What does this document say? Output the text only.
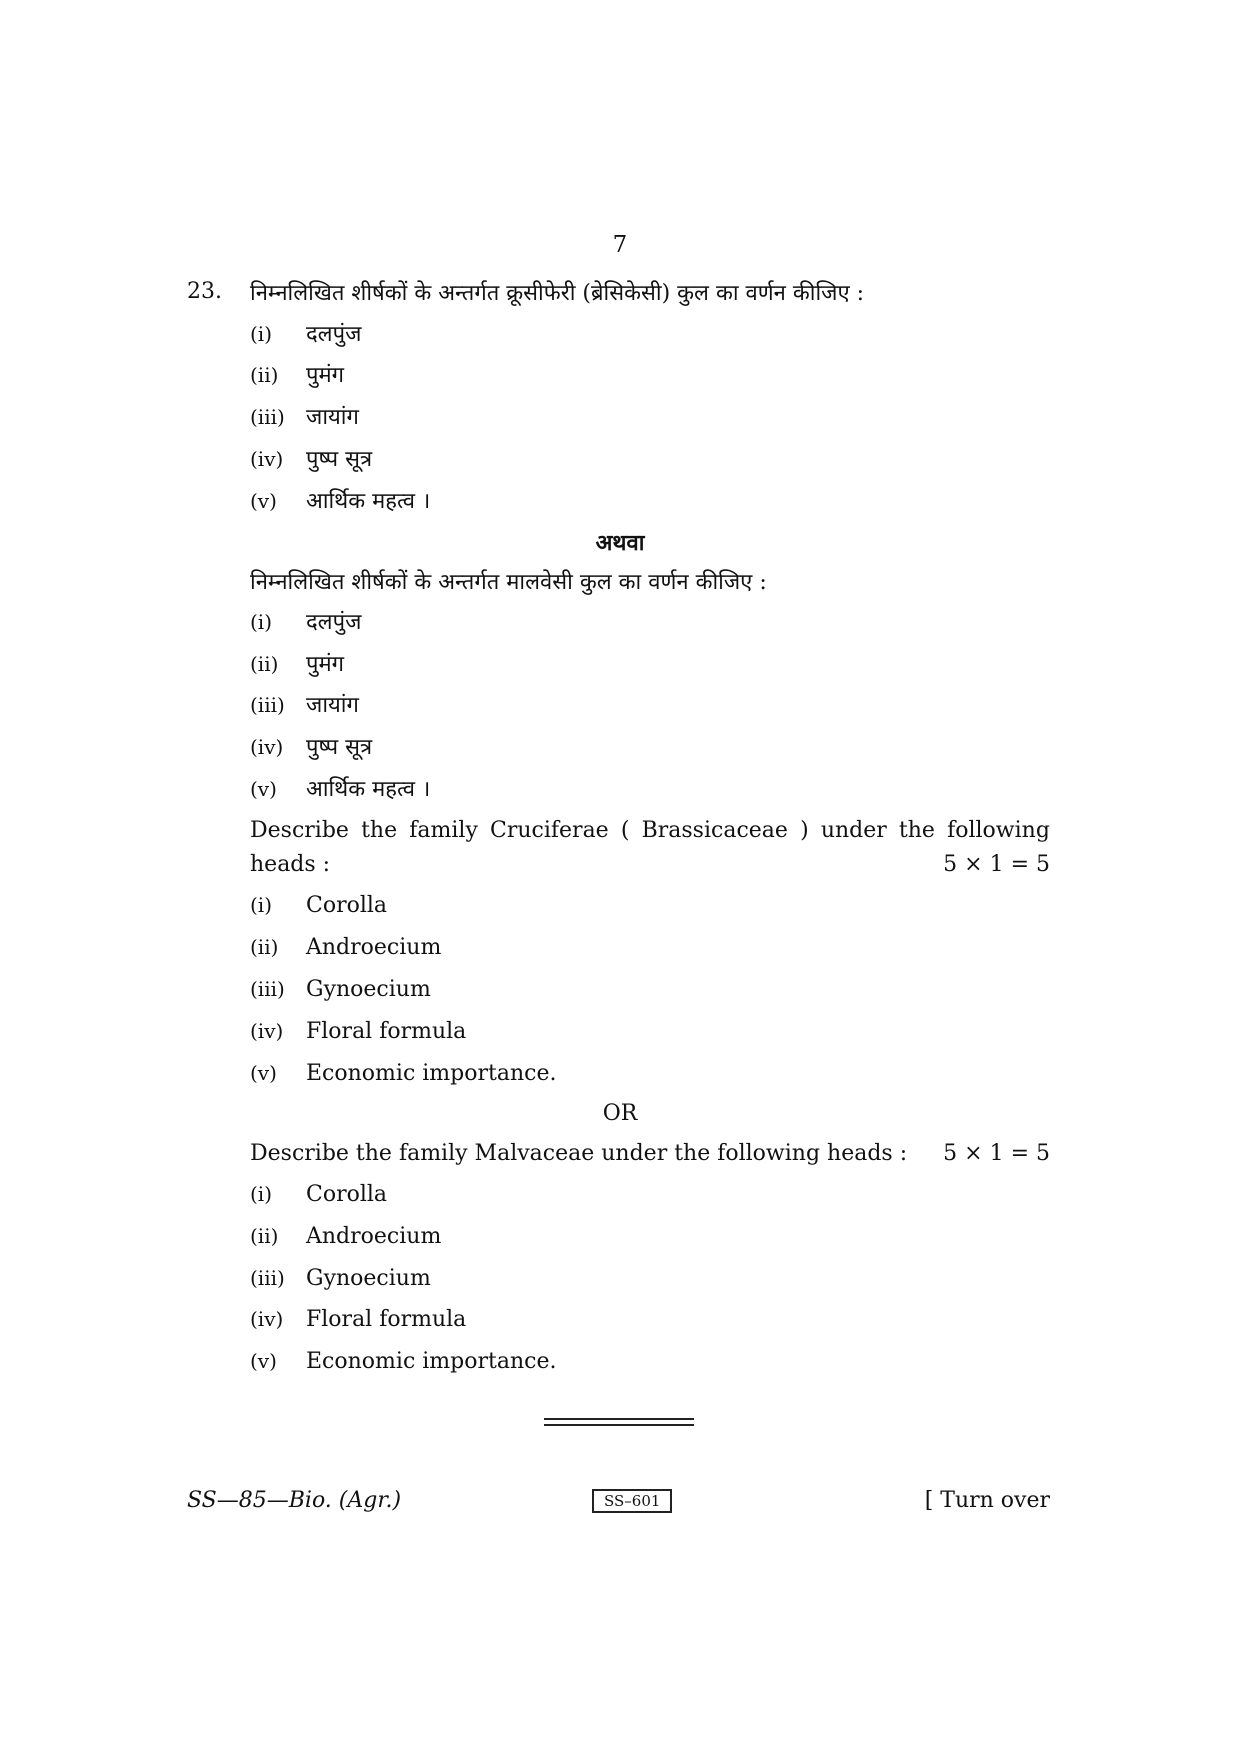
7
23. निम्नलिखित शीर्षकों के अन्तर्गत क्रूसीफेरी (ब्रेसिकेसी) कुल का वर्णन कीजिए :
(i) दलपुंज
(ii) पुमंग
(iii) जायांग
(iv) पुष्प सूत्र
(v) आर्थिक महत्व ।
अथवा
निम्नलिखित शीर्षकों के अन्तर्गत मालवेसी कुल का वर्णन कीजिए :
(i) दलपुंज
(ii) पुमंग
(iii) जायांग
(iv) पुष्प सूत्र
(v) आर्थिक महत्व ।
Describe the family Cruciferae ( Brassicaceae ) under the following
heads :	5 × 1 = 5
(i) Corolla
(ii) Androecium
(iii) Gynoecium
(iv) Floral formula
(v) Economic importance.
OR
Describe the family Malvaceae under the following heads : 5 × 1 = 5
(i) Corolla
(ii) Androecium
(iii) Gynoecium
(iv) Floral formula
(v) Economic importance.
SS—85—Bio. (Agr.)	SS–601	[ Turn over
